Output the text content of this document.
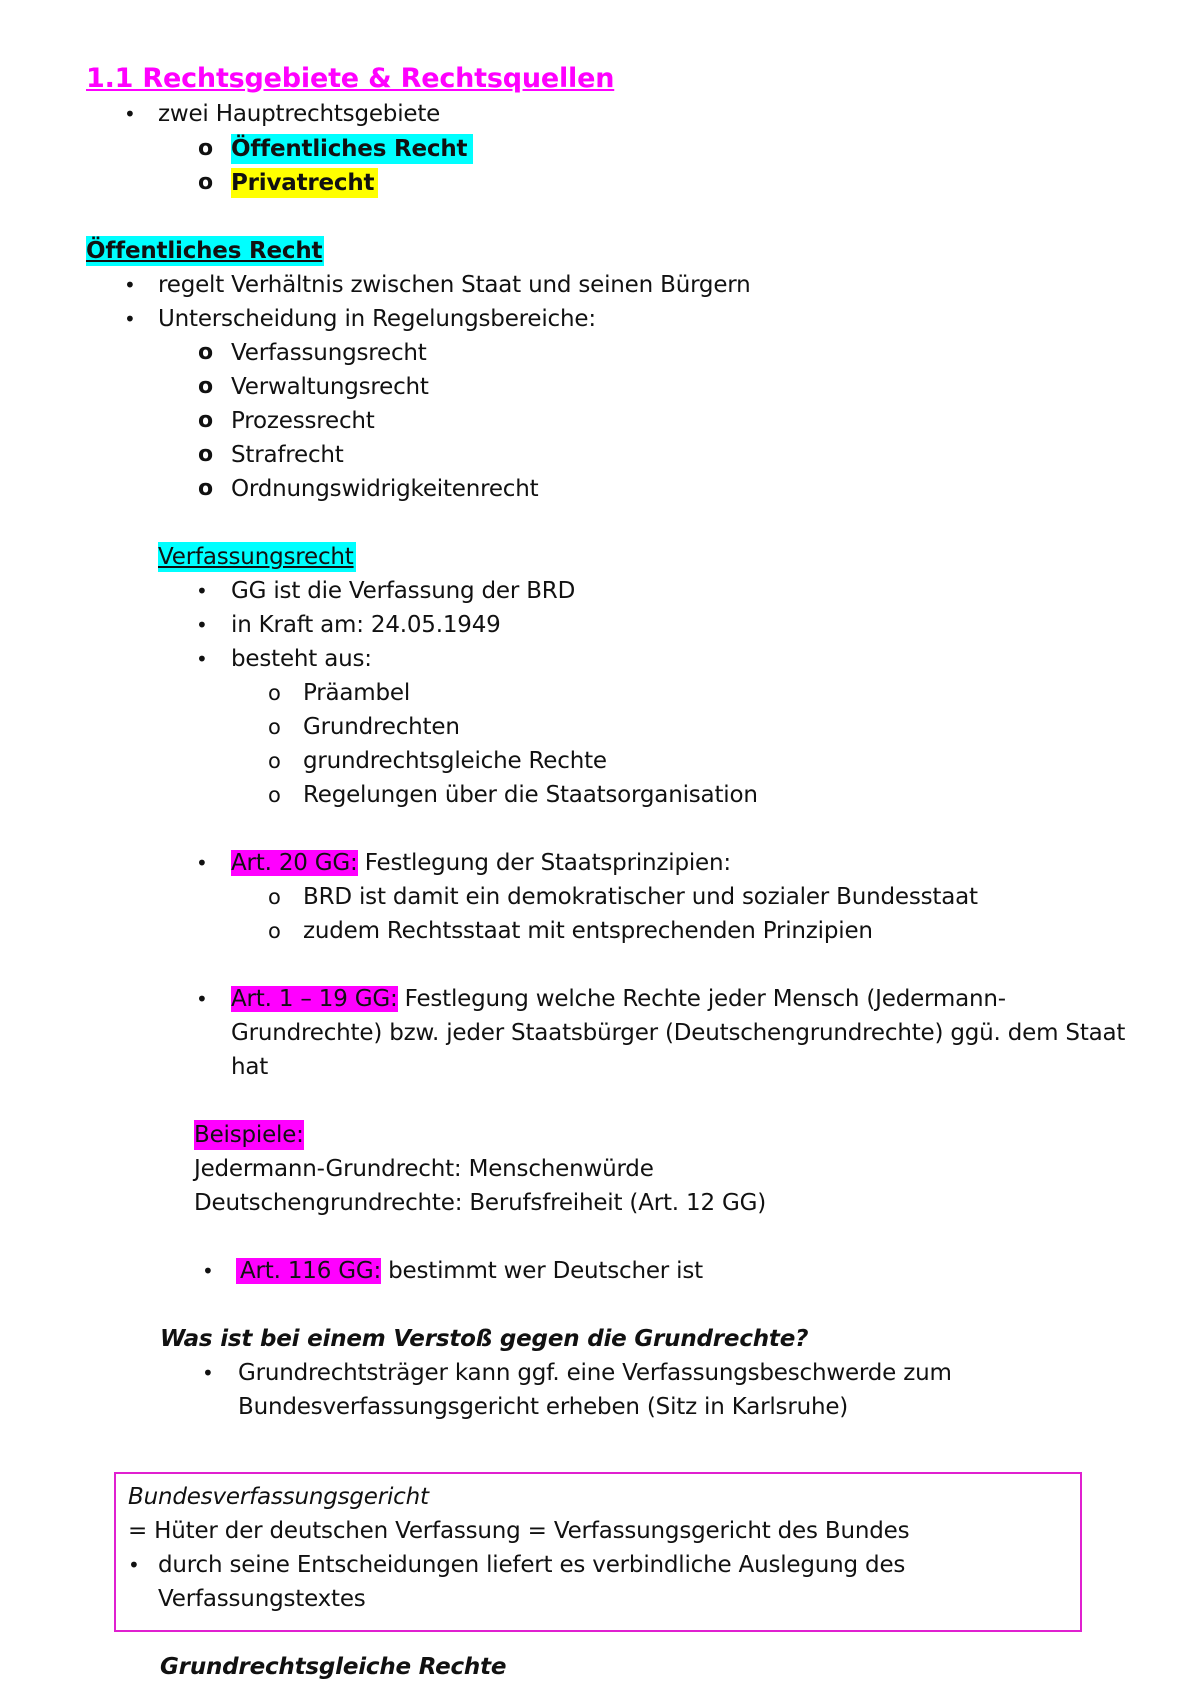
1.1 Rechtsgebiete & Rechtsquellen
• zwei Hauptrechtsgebiete
o Öffentliches Recht
o Privatrecht
Öffentliches Recht
• regelt Verhältnis zwischen Staat und seinen Bürgern
• Unterscheidung in Regelungsbereiche:
o Verfassungsrecht
o Verwaltungsrecht
o Prozessrecht
o Strafrecht
o Ordnungswidrigkeitenrecht
Verfassungsrecht
• GG ist die Verfassung der BRD
• in Kraft am: 24.05.1949
• besteht aus:
o Präambel
o Grundrechten
o grundrechtsgleiche Rechte
o Regelungen über die Staatsorganisation
• Art. 20 GG: Festlegung der Staatsprinzipien:
o BRD ist damit ein demokratischer und sozialer Bundesstaat
o zudem Rechtsstaat mit entsprechenden Prinzipien
• Art. 1 – 19 GG: Festlegung welche Rechte jeder Mensch (Jedermann-
Grundrechte) bzw. jeder Staatsbürger (Deutschengrundrechte) ggü. dem Staat
hat
Beispiele:
Jedermann-Grundrecht: Menschenwürde
Deutschengrundrechte: Berufsfreiheit (Art. 12 GG)
• Art. 116 GG: bestimmt wer Deutscher ist
Was ist bei einem Verstoß gegen die Grundrechte?
• Grundrechtsträger kann ggf. eine Verfassungsbeschwerde zum
Bundesverfassungsgericht erheben (Sitz in Karlsruhe)
Bundesverfassungsgericht
= Hüter der deutschen Verfassung = Verfassungsgericht des Bundes
• durch seine Entscheidungen liefert es verbindliche Auslegung des
Verfassungstextes
Grundrechtsgleiche Rechte
